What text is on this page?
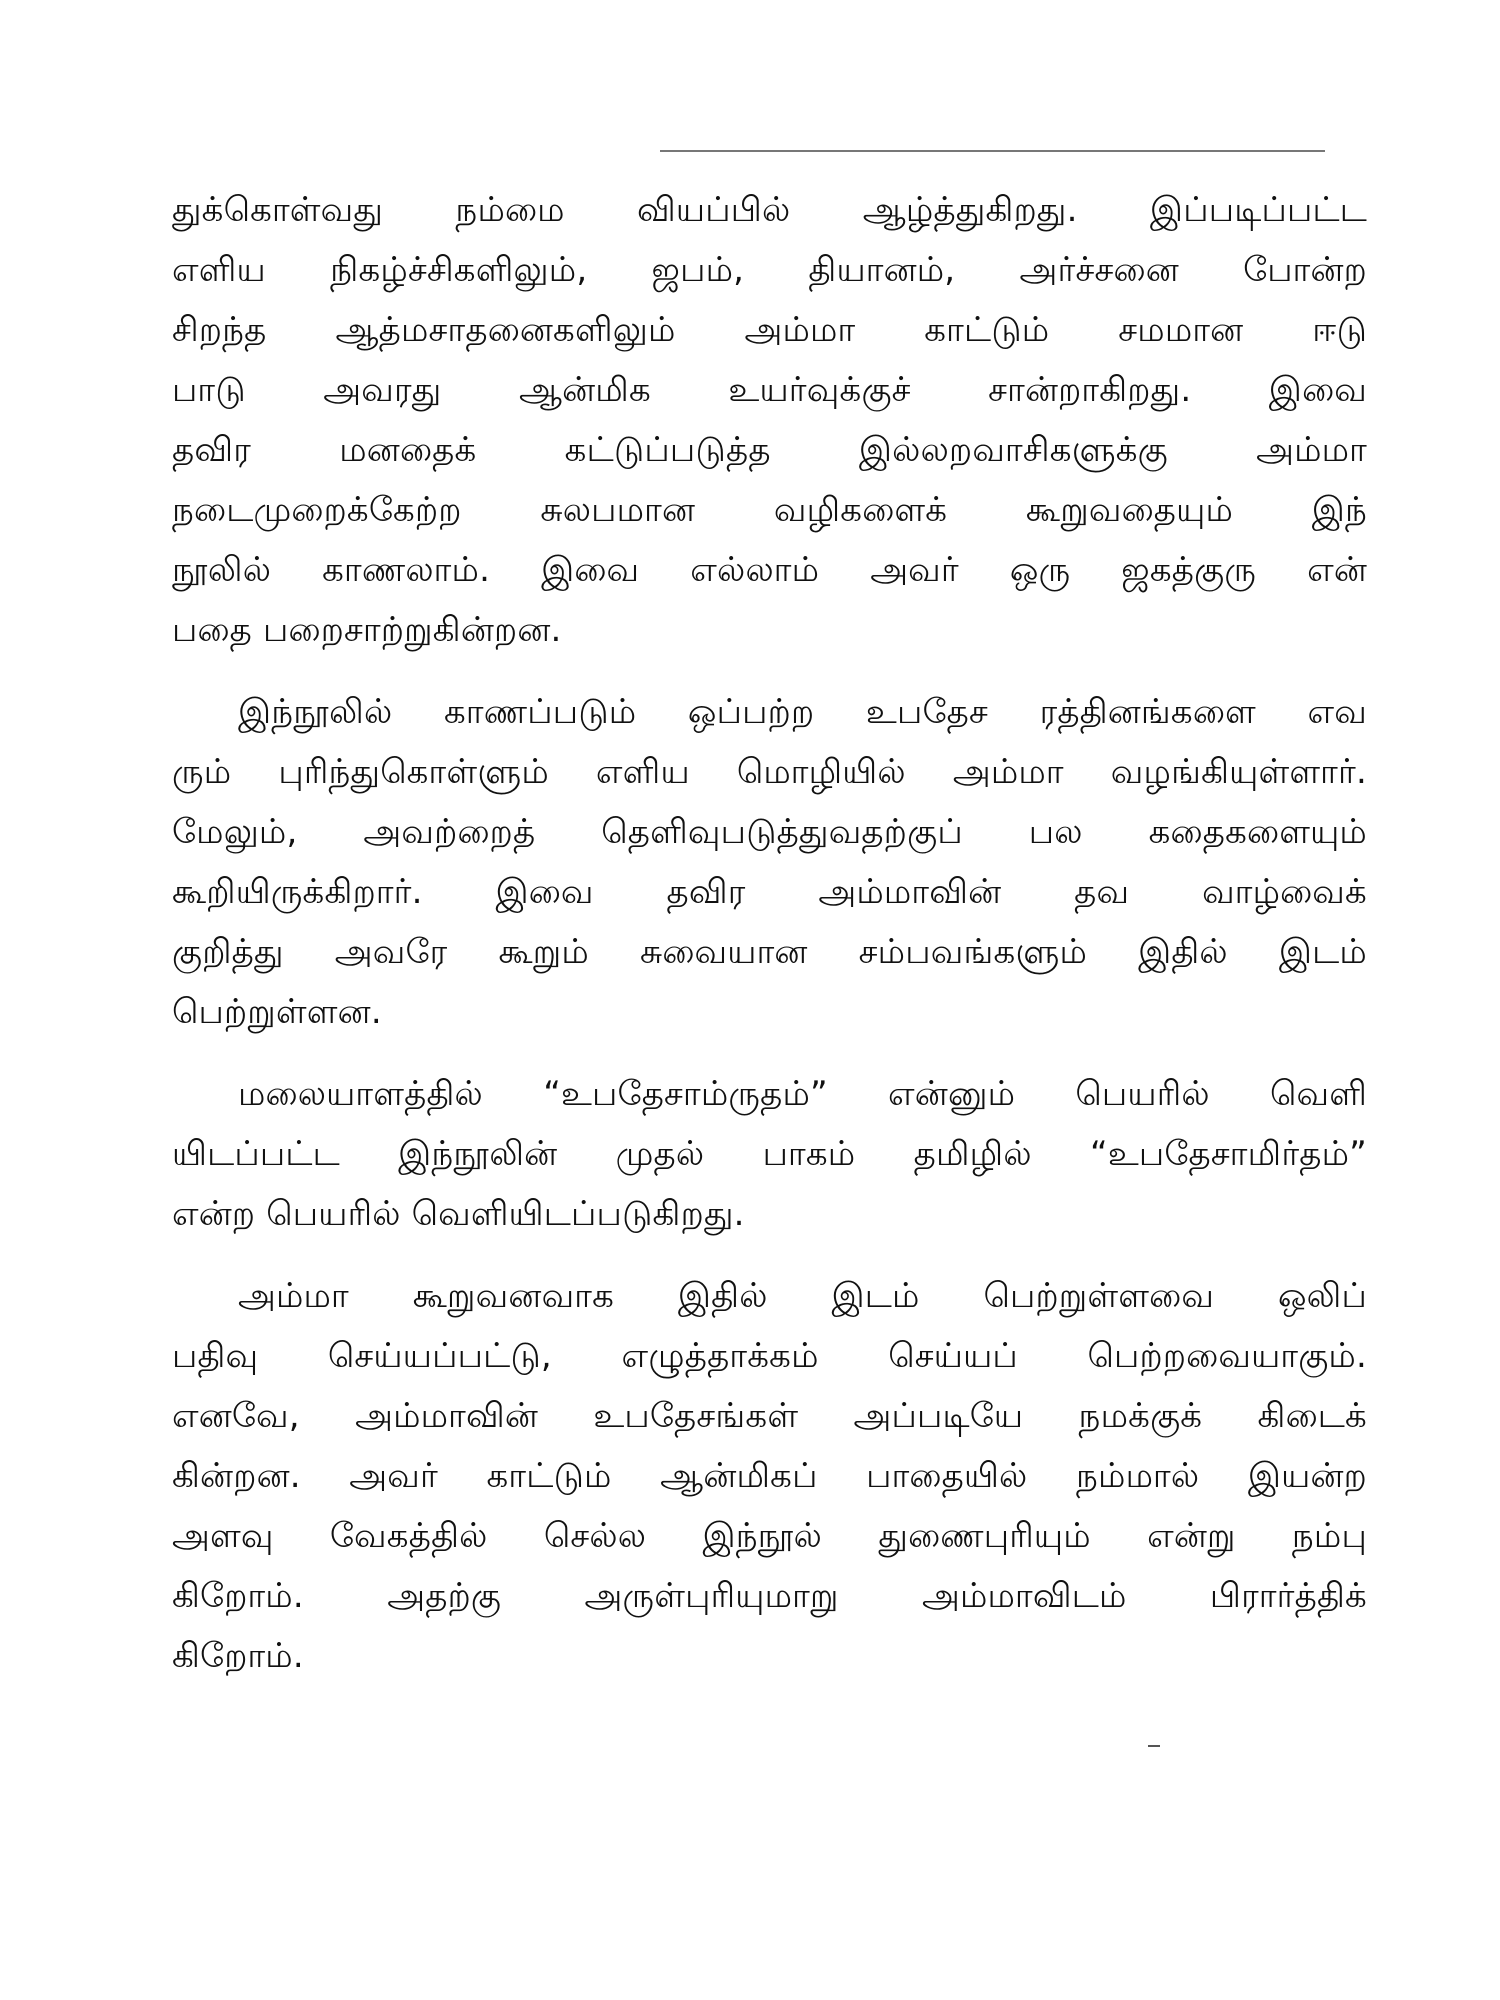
துக்கொள்வது நம்மை வியப்பில் ஆழ்த்துகிறது. இப்படிப்பட்ட
எளிய நிகழ்ச்சிகளிலும், ஜபம், தியானம், அர்ச்சனை போன்ற
சிறந்த ஆத்மசாதனைகளிலும் அம்மா காட்டும் சமமான ஈடு
பாடு அவரது ஆன்மிக உயர்வுக்குச் சான்றாகிறது. இவை
தவிர மனதைக் கட்டுப்படுத்த இல்லறவாசிகளுக்கு அம்மா
நடைமுறைக்கேற்ற சுலபமான வழிகளைக் கூறுவதையும் இந்
நூலில் காணலாம். இவை எல்லாம் அவர் ஒரு ஜகத்குரு என்
பதை பறைசாற்றுகின்றன.
இந்நூலில் காணப்படும் ஒப்பற்ற உபதேச ரத்தினங்களை எவ
ரும் புரிந்துகொள்ளும் எளிய மொழியில் அம்மா வழங்கியுள்ளார்.
மேலும், அவற்றைத் தெளிவுபடுத்துவதற்குப் பல கதைகளையும்
கூறியிருக்கிறார். இவை தவிர அம்மாவின் தவ வாழ்வைக்
குறித்து அவரே கூறும் சுவையான சம்பவங்களும் இதில் இடம்
பெற்றுள்ளன.
மலையாளத்தில் “உபதேசாம்ருதம்” என்னும் பெயரில் வெளி
யிடப்பட்ட இந்நூலின் முதல் பாகம் தமிழில் “உபதேசாமிர்தம்”
என்ற பெயரில் வெளியிடப்படுகிறது.
அம்மா கூறுவனவாக இதில் இடம் பெற்றுள்ளவை ஒலிப்
பதிவு செய்யப்பட்டு, எழுத்தாக்கம் செய்யப் பெற்றவையாகும்.
எனவே, அம்மாவின் உபதேசங்கள் அப்படியே நமக்குக் கிடைக்
கின்றன. அவர் காட்டும் ஆன்மிகப் பாதையில் நம்மால் இயன்ற
அளவு வேகத்தில் செல்ல இந்நூல் துணைபுரியும் என்று நம்பு
கிறோம். அதற்கு அருள்புரியுமாறு அம்மாவிடம் பிரார்த்திக்
கிறோம்.
